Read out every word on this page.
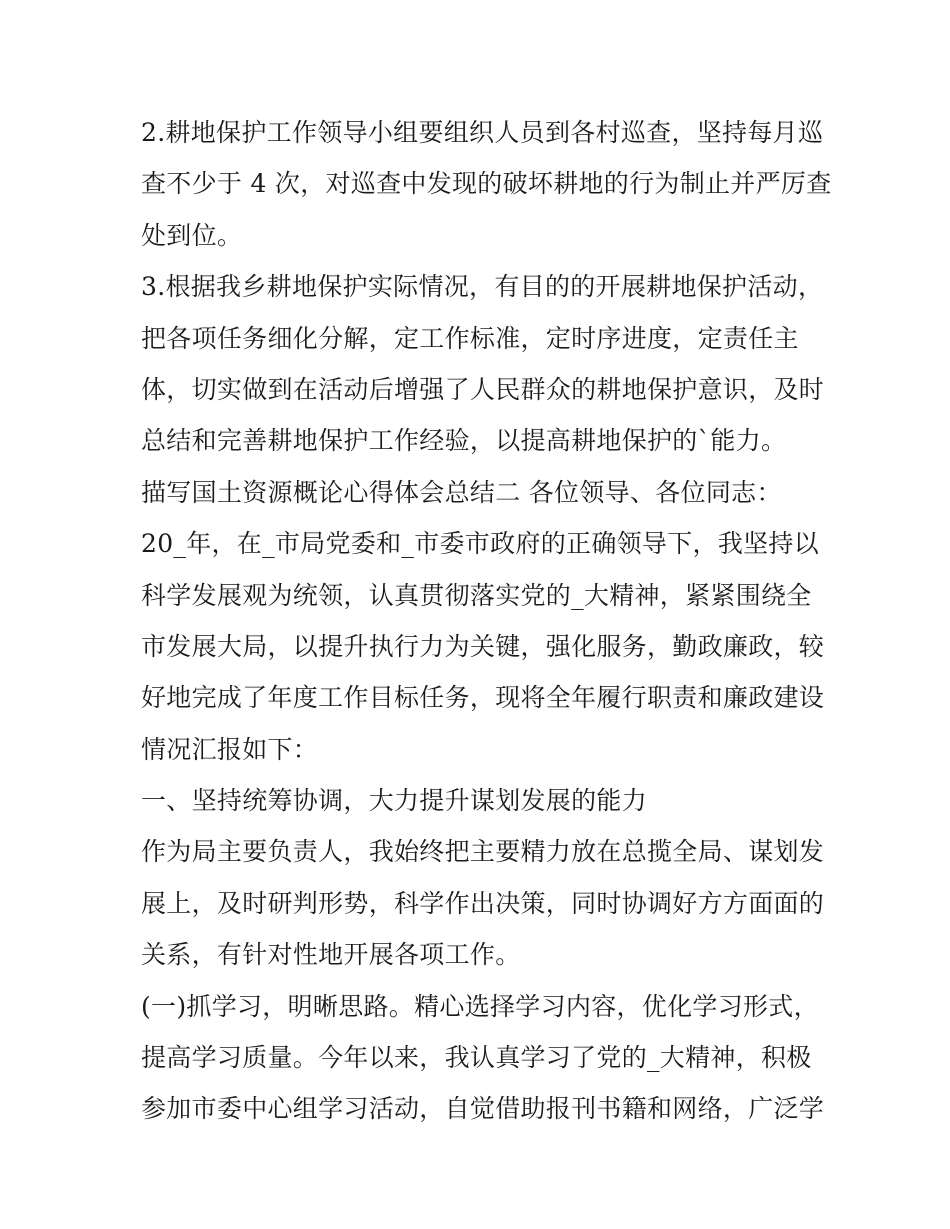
2.耕地保护工作领导小组要组织人员到各村巡查，坚持每月巡
查不少于 4 次，对巡查中发现的破坏耕地的行为制止并严厉查
处到位。
3.根据我乡耕地保护实际情况，有目的的开展耕地保护活动，
把各项任务细化分解，定工作标准，定时序进度，定责任主
体，切实做到在活动后增强了人民群众的耕地保护意识，及时
总结和完善耕地保护工作经验，以提高耕地保护的`能力。
描写国土资源概论心得体会总结二 各位领导、各位同志：
20_年，在_市局党委和_市委市政府的正确领导下，我坚持以
科学发展观为统领，认真贯彻落实党的_大精神，紧紧围绕全
市发展大局，以提升执行力为关键，强化服务，勤政廉政，较
好地完成了年度工作目标任务，现将全年履行职责和廉政建设
情况汇报如下：
一、坚持统筹协调，大力提升谋划发展的能力
作为局主要负责人，我始终把主要精力放在总揽全局、谋划发
展上，及时研判形势，科学作出决策，同时协调好方方面面的
关系，有针对性地开展各项工作。
(一)抓学习，明晰思路。精心选择学习内容，优化学习形式，
提高学习质量。今年以来，我认真学习了党的_大精神，积极
参加市委中心组学习活动，自觉借助报刊书籍和网络，广泛学
